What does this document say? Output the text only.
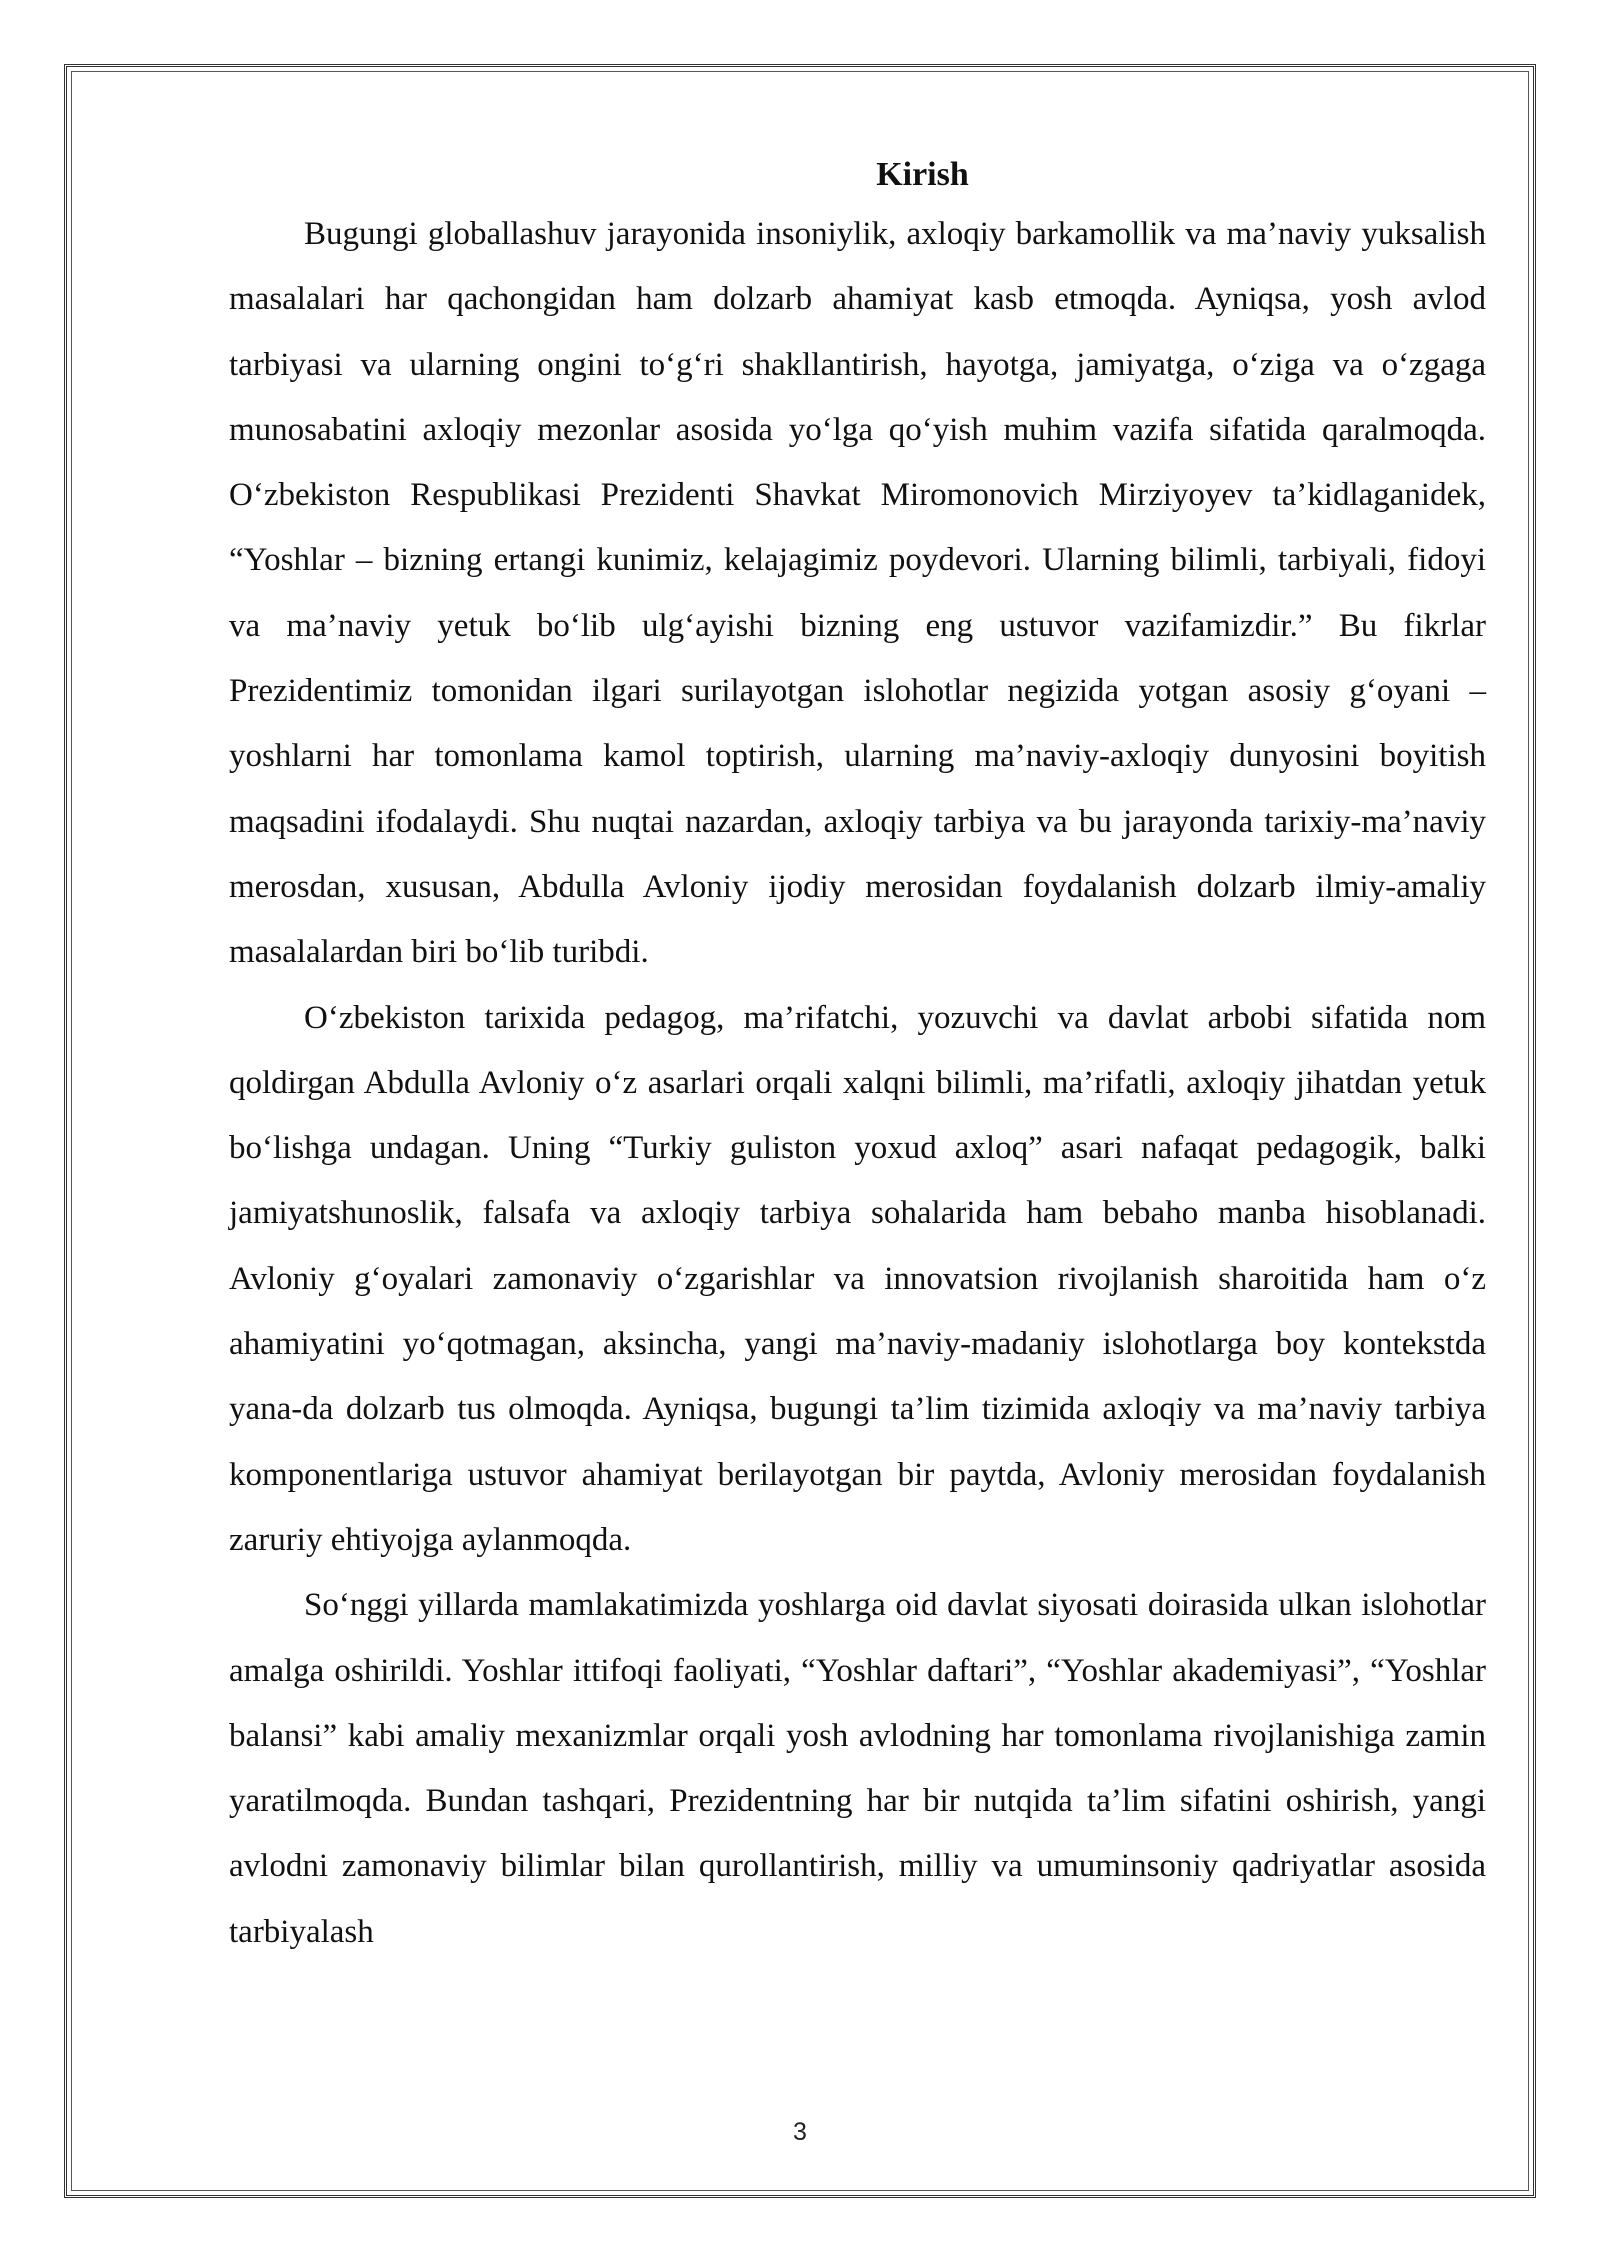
Kirish

Bugungi globallashuv jarayonida insoniylik, axloqiy barkamollik va ma’naviy yuksalish masalalari har qachongidan ham dolzarb ahamiyat kasb etmoqda. Ayniqsa, yosh avlod tarbiyasi va ularning ongini to‘g‘ri shakllantirish, hayotga, jamiyatga, o‘ziga va o‘zgaga munosabatini axloqiy mezonlar asosida yo‘lga qo‘yish muhim vazifa sifatida qaralmoqda. O‘zbekiston Respublikasi Prezidenti Shavkat Miromonovich Mirziyoyev ta’kidlaganidek, “Yoshlar – bizning ertangi kunimiz, kelajagimiz poydevori. Ularning bilimli, tarbiyali, fidoyi va ma’naviy yetuk bo‘lib ulg‘ayishi bizning eng ustuvor vazifamizdir.” Bu fikrlar Prezidentimiz tomonidan ilgari surilayotgan islohotlar negizida yotgan asosiy g‘oyani – yoshlarni har tomonlama kamol toptirish, ularning ma’naviy-axloqiy dunyosini boyitish maqsadini ifodalaydi. Shu nuqtai nazardan, axloqiy tarbiya va bu jarayonda tarixiy-ma’naviy merosdan, xususan, Abdulla Avloniy ijodiy merosidan foydalanish dolzarb ilmiy-amaliy masalalardan biri bo‘lib turibdi.

O‘zbekiston tarixida pedagog, ma’rifatchi, yozuvchi va davlat arbobi sifatida nom qoldirgan Abdulla Avloniy o‘z asarlari orqali xalqni bilimli, ma’rifatli, axloqiy jihatdan yetuk bo‘lishga undagan. Uning “Turkiy guliston yoxud axloq” asari nafaqat pedagogik, balki jamiyatshunoslik, falsafa va axloqiy tarbiya sohalarida ham bebaho manba hisoblanadi. Avloniy g‘oyalari zamonaviy o‘zgarishlar va innovatsion rivojlanish sharoitida ham o‘z ahamiyatini yo‘qotmagan, aksincha, yangi ma’naviy-madaniy islohotlarga boy kontekstda yana-da dolzarb tus olmoqda. Ayniqsa, bugungi ta’lim tizimida axloqiy va ma’naviy tarbiya komponentlariga ustuvor ahamiyat berilayotgan bir paytda, Avloniy merosidan foydalanish zaruriy ehtiyojga aylanmoqda.

So‘nggi yillarda mamlakatimizda yoshlarga oid davlat siyosati doirasida ulkan islohotlar amalga oshirildi. Yoshlar ittifoqi faoliyati, “Yoshlar daftari”, “Yoshlar akademiyasi”, “Yoshlar balansi” kabi amaliy mexanizmlar orqali yosh avlodning har tomonlama rivojlanishiga zamin yaratilmoqda. Bundan tashqari, Prezidentning har bir nutqida ta’lim sifatini oshirish, yangi avlodni zamonaviy bilimlar bilan qurollantirish, milliy va umuminsoniy qadriyatlar asosida tarbiyalash

3
